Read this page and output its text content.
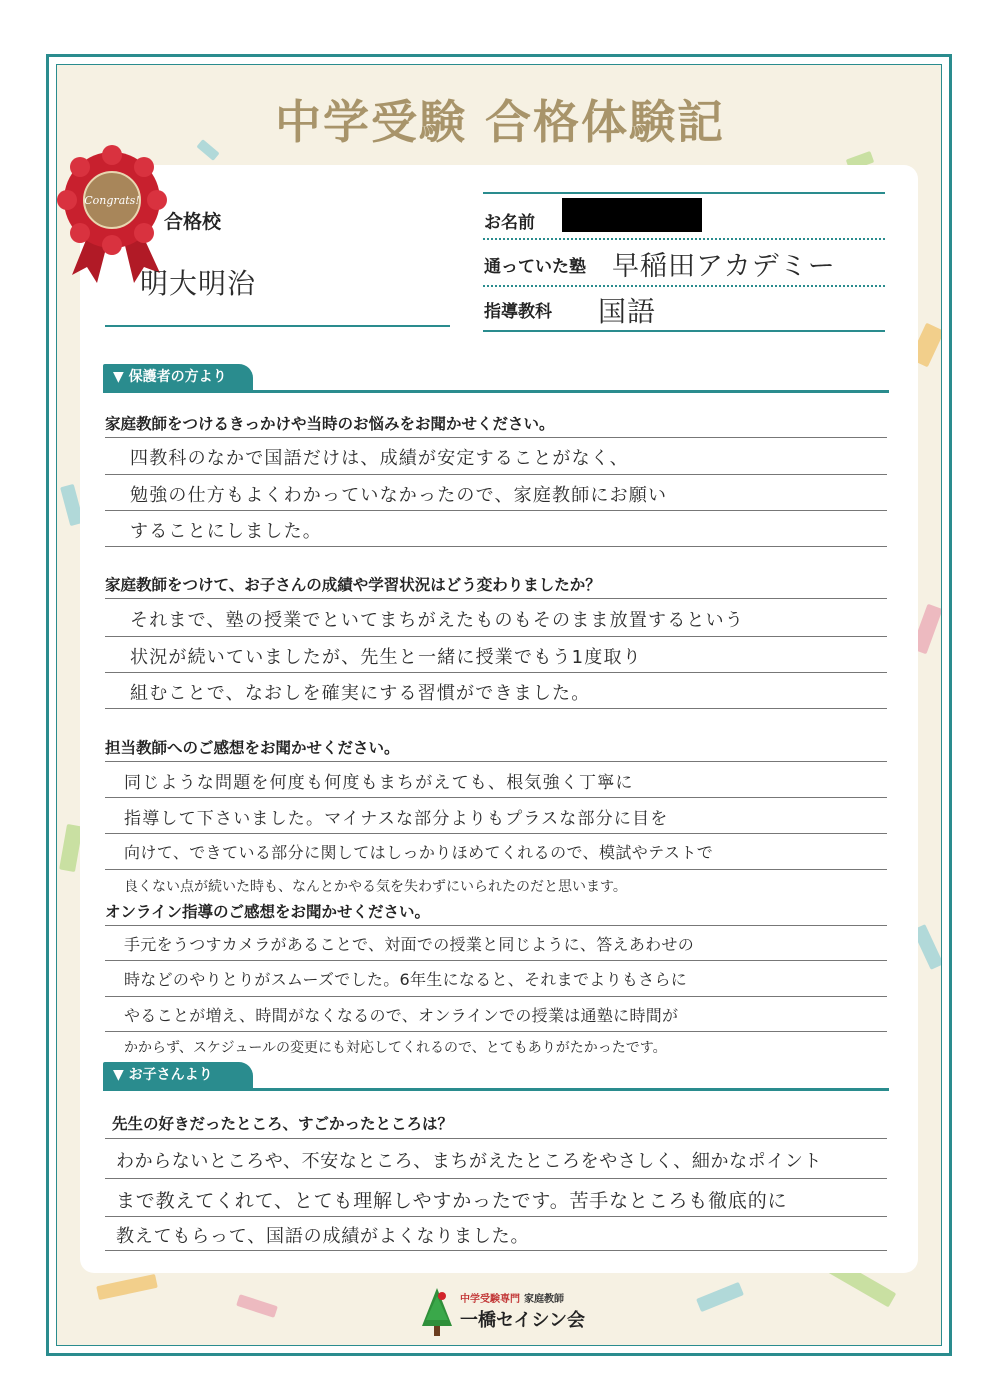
中学受験 合格体験記
Congrats!
合格校
明大明治
お名前
通っていた塾 早稲田アカデミー
指導教科 国語
▼ 保護者の方より
家庭教師をつけるきっかけや当時のお悩みをお聞かせください。
四教科のなかで国語だけは、成績が安定することがなく、
勉強の仕方もよくわかっていなかったので、家庭教師にお願い
することにしました。
家庭教師をつけて、お子さんの成績や学習状況はどう変わりましたか？
それまで、塾の授業でといてまちがえたものもそのまま放置するという
状況が続いていましたが、先生と一緒に授業でもう1度取り
組むことで、なおしを確実にする習慣ができました。
担当教師へのご感想をお聞かせください。
同じような問題を何度も何度もまちがえても、根気強く丁寧に
指導して下さいました。マイナスな部分よりもプラスな部分に目を
向けて、できている部分に関してはしっかりほめてくれるので、模試やテストで
良くない点が続いた時も、なんとかやる気を失わずにいられたのだと思います。
オンライン指導のご感想をお聞かせください。
手元をうつすカメラがあることで、対面での授業と同じように、答えあわせの
時などのやりとりがスムーズでした。6年生になると、それまでよりもさらに
やることが増え、時間がなくなるので、オンラインでの授業は通塾に時間が
かからず、スケジュールの変更にも対応してくれるので、とてもありがたかったです。
▼ お子さんより
先生の好きだったところ、すごかったところは？
わからないところや、不安なところ、まちがえたところをやさしく、細かなポイント
まで教えてくれて、とても理解しやすかったです。苦手なところも徹底的に
教えてもらって、国語の成績がよくなりました。
中学受験専門 家庭教師
一橋セイシン会
